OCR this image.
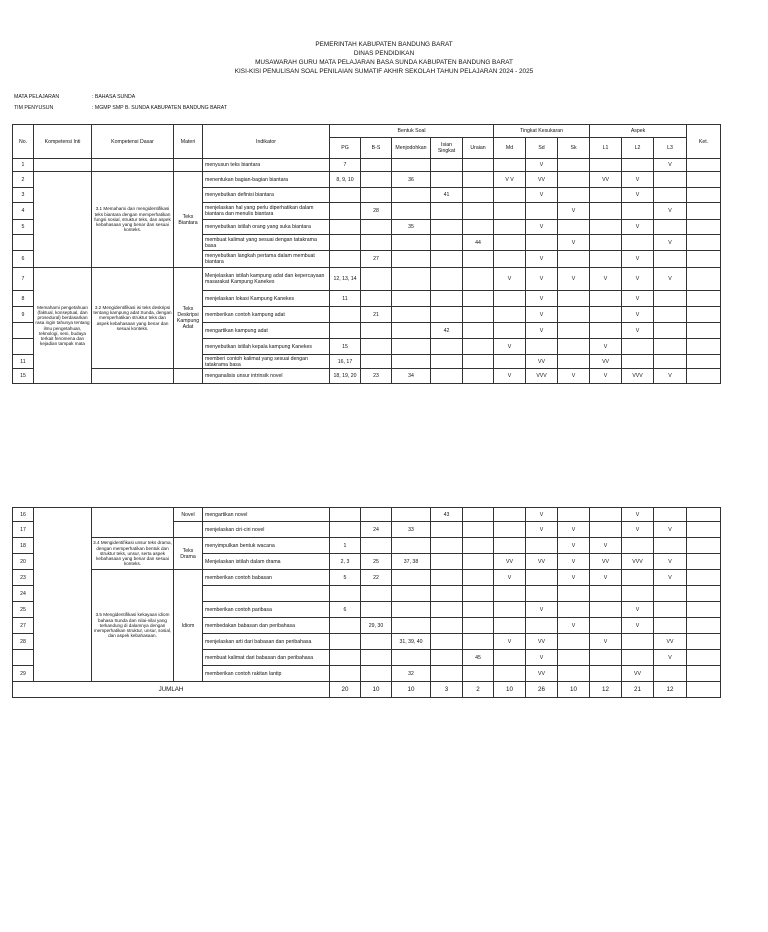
PEMERINTAH KABUPATEN BANDUNG BARAT
DINAS PENDIDIKAN
MUSAWARAH GURU MATA PELAJARAN BASA SUNDA KABUPATEN BANDUNG BARAT
KISI-KISI PENULISAN SOAL PENILAIAN SUMATIF AKHIR SEKOLAH TAHUN PELAJARAN 2024 - 2025
MATA PELAJARAN	: BAHASA SUNDA
TIM PENYUSUN	: MGMP SMP B. SUNDA KABUPATEN BANDUNG BARAT
No.	Kompetensi Inti	Kompetensi Dasar	Materi	Indikator	Bentuk Soal					Tingkat Kesukaran			Aspek			Ket.
					PG	B-S	Menjodohkan	Isian Singkat	Uraian	Md	Sd	Sk	L1	L2	L3	
1				menyusun teks biantara	7						V				V	
2		3.1 Memahami dan mengidentifikasi teks biantara dengan memperhatikan fungsi sosial, struktur teks, dan aspek kebahasaan yang benar dan sesuai konteks.	Teks Biantara	menentukan bagian-bagian biantara	8, 9, 10		36			V V	VV		VV	V		
3				menyebutkan definisi biantara				41			V			V		
4				menjelaskan hal yang perlu diperhatikan dalam biantara dan menulis biantara		28						V			V	
5				menyebutkan istilah orang yang suka biantara			35				V			V		
				membuat kalimat yang sesuai dengan tatakrama basa					44			V			V	
6				menyebutkan langkah pertama dalam membuat biantara		27					V			V		
7	Memahami pengetahuan (faktual, konseptual, dan prosedural) berdasarkan rasa ingin tahunya tentang ilmu pengetahuan, teknologi, seni, budaya terkait fenomena dan kejadian tampak mata	3.2 Mengidentifikasi isi teks deskripsi tentang kampung adat Sunda, dengan memperhatikan struktur teks dan aspek kebahasaan yang benar dan sesuai konteks.	Teks Deskripsi Kampung Adat	Menjelaskan istilah kampung adat dan kepercayaan masarakat Kampung Kanekes	12, 13, 14					V	V	V	V	V	V	
8				menjelaskan lokasi Kampung Kanekes	11						V			V		
9				memberikan contoh kampung adat		21					V			V		
				mengartikan kampung adat				42			V			V		
				menyebutkan istilah kepala kampung Kanekes	15					V			V			
11				memberi contoh kalimat yang sesuai dengan tatakrama basa	16, 17						VV		VV			
15				menganalisis unsur intrinsik novel	18, 19, 20	23	34			V	VVV	V	V	VVV	V	
16			Novel	mengartikan novel				43			V			V		
17				menjelaskan ciri-ciri novel		24	33				V	V		V	V	
18		3.4 Mengidentifikasi unsur teks drama, dengan memperhatikan bentuk dan struktur teks, unsur, serta aspek kebahasaan yang benar dan sesuai konteks.	Teks Drama	menyimpulkan bentuk wacana	1							V	V			
20				Menjelaskan istilah dalam drama	2, 3	25	37, 38			VV	VV	V	VV	VVV	V	
23		3.5 Mengidentifikasi kekayaan idiom bahasa Sunda dan nilai-nilai yang terkandung di dalamnya dengan memperhatikan struktur, unsur, sosial, dan aspek kebahasaan.	Idiom	memberikan contoh babasan	5	22				V		V	V		V	
24																
25				memberikan contoh paribasa	6						V			V		
27				membedakan babasan dan peribahasa		29, 30						V		V		
28				menjelaskan arti dari babasan dan peribahasa			31, 39, 40			V	VV		V		VV	
				membuat kalimat dari babasan dan peribahasa					45		V				V	
29				memberikan contoh rakitan lantip			32				VV			VV		
JUMLAH					20	10	10	3	2	10	26	10	12	21	12	
